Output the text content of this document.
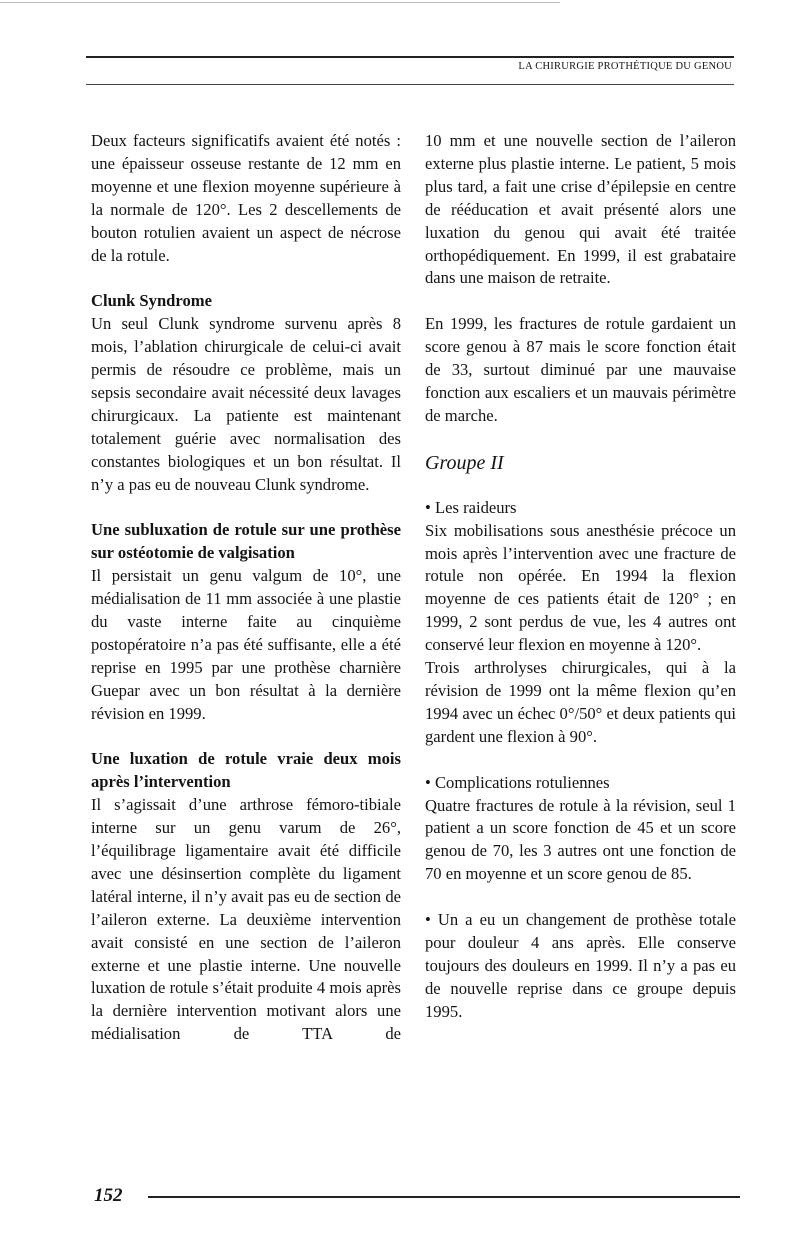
LA CHIRURGIE PROTHÉTIQUE DU GENOU

Deux facteurs significatifs avaient été notés : une épaisseur osseuse restante de 12 mm en moyenne et une flexion moyenne supérieure à la normale de 120°. Les 2 descellements de bouton rotulien avaient un aspect de nécrose de la rotule.

Clunk Syndrome

Un seul Clunk syndrome survenu après 8 mois, l’ablation chirurgicale de celui-ci avait permis de résoudre ce problème, mais un sepsis secondaire avait nécessité deux lavages chirurgicaux. La patiente est maintenant totalement guérie avec normalisation des constantes biologiques et un bon résultat. Il n’y a pas eu de nouveau Clunk syndrome.

Une subluxation de rotule sur une prothèse sur ostéotomie de valgisation

Il persistait un genu valgum de 10°, une médialisation de 11 mm associée à une plastie du vaste interne faite au cinquième postopératoire n’a pas été suffisante, elle a été reprise en 1995 par une prothèse charnière Guepar avec un bon résultat à la dernière révision en 1999.

Une luxation de rotule vraie deux mois après l’intervention

Il s’agissait d’une arthrose fémoro-tibiale interne sur un genu varum de 26°, l’équilibrage ligamentaire avait été difficile avec une désinsertion complète du ligament latéral interne, il n’y avait pas eu de section de l’aileron externe. La deuxième intervention avait consisté en une section de l’aileron externe et une plastie interne. Une nouvelle luxation de rotule s’était produite 4 mois après la dernière intervention motivant alors une médialisation de TTA de

10 mm et une nouvelle section de l’aileron externe plus plastie interne. Le patient, 5 mois plus tard, a fait une crise d’épilepsie en centre de rééducation et avait présenté alors une luxation du genou qui avait été traitée orthopédiquement. En 1999, il est grabataire dans une maison de retraite.

En 1999, les fractures de rotule gardaient un score genou à 87 mais le score fonction était de 33, surtout diminué par une mauvaise fonction aux escaliers et un mauvais périmètre de marche.

Groupe II

• Les raideurs

Six mobilisations sous anesthésie précoce un mois après l’intervention avec une fracture de rotule non opérée. En 1994 la flexion moyenne de ces patients était de 120° ; en 1999, 2 sont perdus de vue, les 4 autres ont conservé leur flexion en moyenne à 120°.

Trois arthrolyses chirurgicales, qui à la révision de 1999 ont la même flexion qu’en 1994 avec un échec 0°/50° et deux patients qui gardent une flexion à 90°.

• Complications rotuliennes

Quatre fractures de rotule à la révision, seul 1 patient a un score fonction de 45 et un score genou de 70, les 3 autres ont une fonction de 70 en moyenne et un score genou de 85.

• Un a eu un changement de prothèse totale pour douleur 4 ans après. Elle conserve toujours des douleurs en 1999. Il n’y a pas eu de nouvelle reprise dans ce groupe depuis 1995.

152
